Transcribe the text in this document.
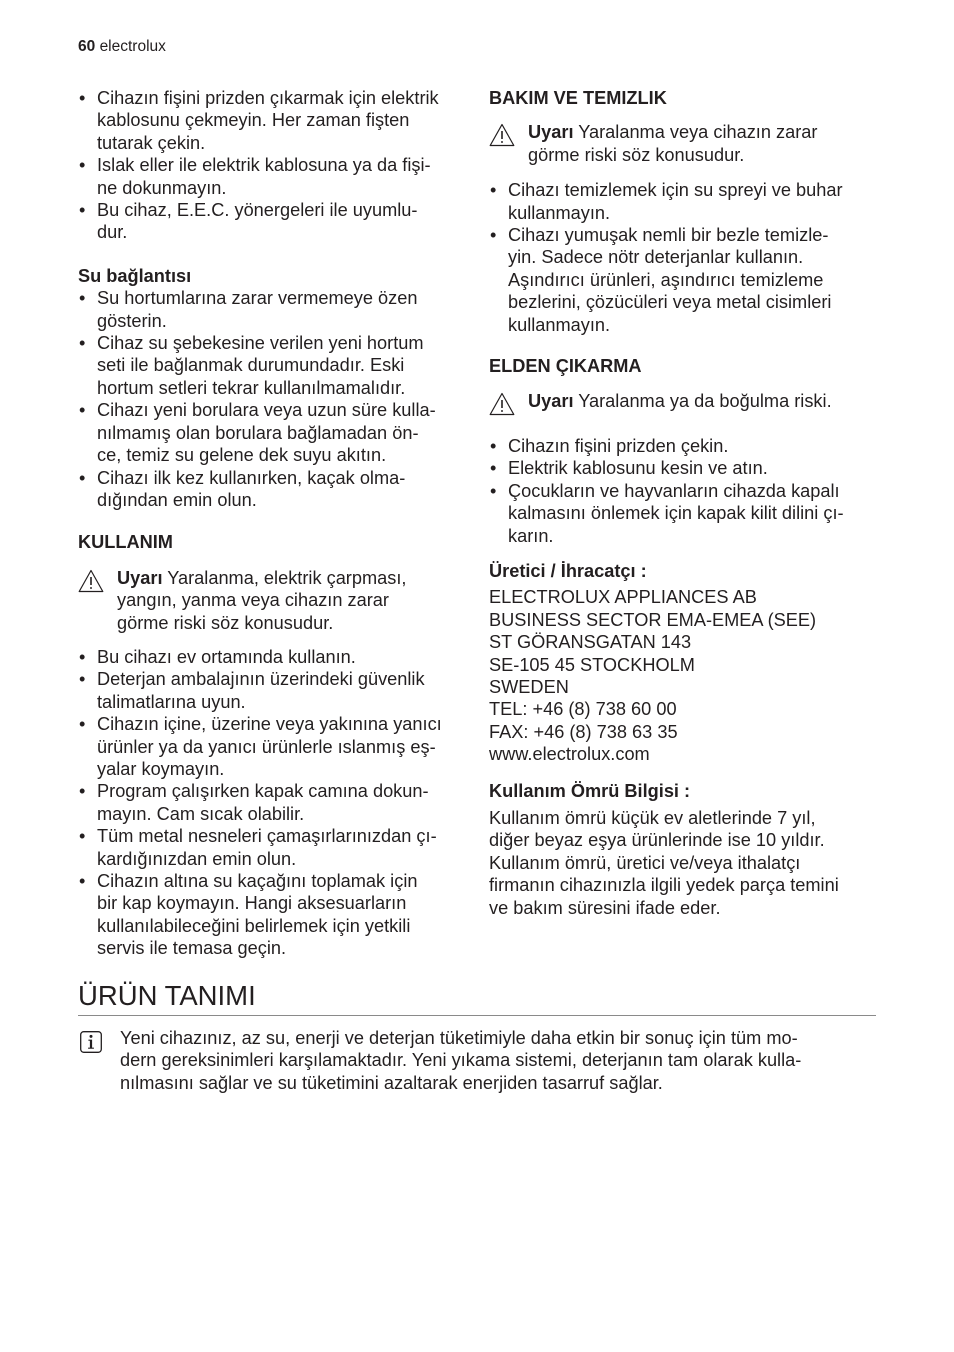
60 electrolux
• Cihazın fişini prizden çıkarmak için elektrik
kablosunu çekmeyin. Her zaman fişten
tutarak çekin.
• Islak eller ile elektrik kablosuna ya da fişi-
ne dokunmayın.
• Bu cihaz, E.E.C. yönergeleri ile uyumlu-
dur.

Su bağlantısı

• Su hortumlarına zarar vermemeye özen
gösterin.
• Cihaz su şebekesine verilen yeni hortum
seti ile bağlanmak durumundadır. Eski
hortum setleri tekrar kullanılmamalıdır.
• Cihazı yeni borulara veya uzun süre kulla-
nılmamış olan borulara bağlamadan ön-
ce, temiz su gelene dek suyu akıtın.
• Cihazı ilk kez kullanırken, kaçak olma-
dığından emin olun.

KULLANIM

Uyarı Yaralanma, elektrik çarpması,
yangın, yanma veya cihazın zarar
görme riski söz konusudur.
• Bu cihazı ev ortamında kullanın.
• Deterjan ambalajının üzerindeki güvenlik
talimatlarına uyun.
• Cihazın içine, üzerine veya yakınına yanıcı
ürünler ya da yanıcı ürünlerle ıslanmış eş-
yalar koymayın.
• Program çalışırken kapak camına dokun-
mayın. Cam sıcak olabilir.
• Tüm metal nesneleri çamaşırlarınızdan çı-
kardığınızdan emin olun.
• Cihazın altına su kaçağını toplamak için
bir kap koymayın. Hangi aksesuarların
kullanılabileceğini belirlemek için yetkili
servis ile temasa geçin.

BAKIM VE TEMIZLIK

Uyarı Yaralanma veya cihazın zarar
görme riski söz konusudur.
• Cihazı temizlemek için su spreyi ve buhar
kullanmayın.
• Cihazı yumuşak nemli bir bezle temizle-
yin. Sadece nötr deterjanlar kullanın.
Aşındırıcı ürünleri, aşındırıcı temizleme
bezlerini, çözücüleri veya metal cisimleri
kullanmayın.

ELDEN ÇIKARMA

Uyarı Yaralanma ya da boğulma riski.
• Cihazın fişini prizden çekin.
• Elektrik kablosunu kesin ve atın.
• Çocukların ve hayvanların cihazda kapalı
kalmasını önlemek için kapak kilit dilini çı-
karın.

Üretici / İhracatçı :

ELECTROLUX APPLIANCES AB
BUSINESS SECTOR EMA-EMEA (SEE)
ST GÖRANSGATAN 143
SE-105 45 STOCKHOLM
SWEDEN
TEL: +46 (8) 738 60 00
FAX: +46 (8) 738 63 35
www.electrolux.com

Kullanım Ömrü Bilgisi :

Kullanım ömrü küçük ev aletlerinde 7 yıl,
diğer beyaz eşya ürünlerinde ise 10 yıldır.
Kullanım ömrü, üretici ve/veya ithalatçı
firmanın cihazınızla ilgili yedek parça temini
ve bakım süresini ifade eder.
ÜRÜN TANIMI

Yeni cihazınız, az su, enerji ve deterjan tüketimiyle daha etkin bir sonuç için tüm mo-
dern gereksinimleri karşılamaktadır. Yeni yıkama sistemi, deterjanın tam olarak kulla-
nılmasını sağlar ve su tüketimini azaltarak enerjiden tasarruf sağlar.
